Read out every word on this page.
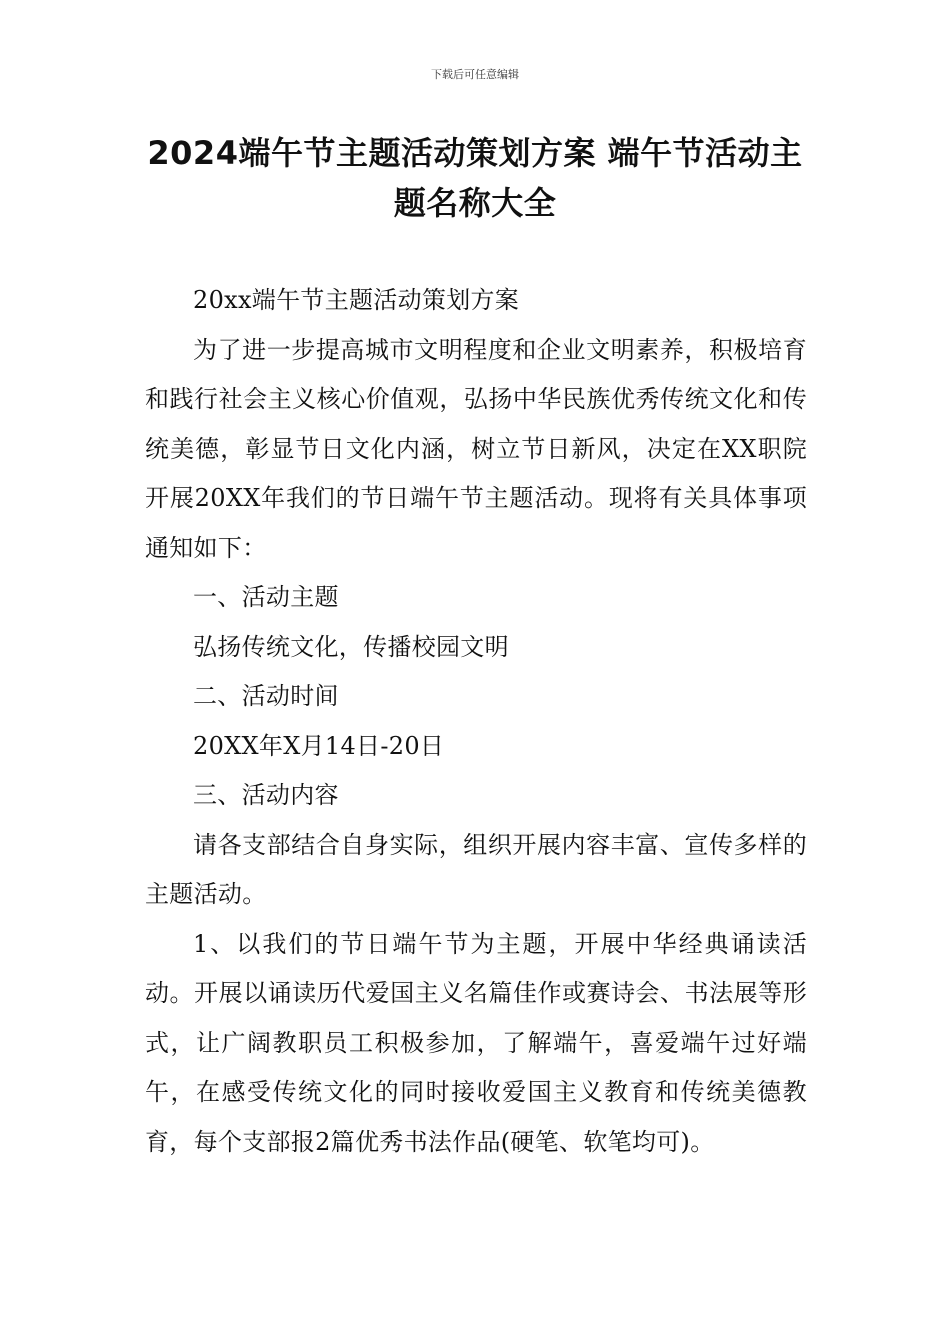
下载后可任意编辑
2024端午节主题活动策划方案 端午节活动主题名称大全

20xx端午节主题活动策划方案

为了进一步提高城市文明程度和企业文明素养，积极培育和践行社会主义核心价值观，弘扬中华民族优秀传统文化和传统美德，彰显节日文化内涵，树立节日新风，决定在XX职院开展20XX年我们的节日端午节主题活动。现将有关具体事项通知如下：

一、活动主题

弘扬传统文化，传播校园文明

二、活动时间

20XX年X月14日-20日

三、活动内容

请各支部结合自身实际，组织开展内容丰富、宣传多样的主题活动。

1、以我们的节日端午节为主题，开展中华经典诵读活动。开展以诵读历代爱国主义名篇佳作或赛诗会、书法展等形式，让广阔教职员工积极参加，了解端午，喜爱端午过好端午，在感受传统文化的同时接收爱国主义教育和传统美德教育，每个支部报2篇优秀书法作品(硬笔、软笔均可)。
